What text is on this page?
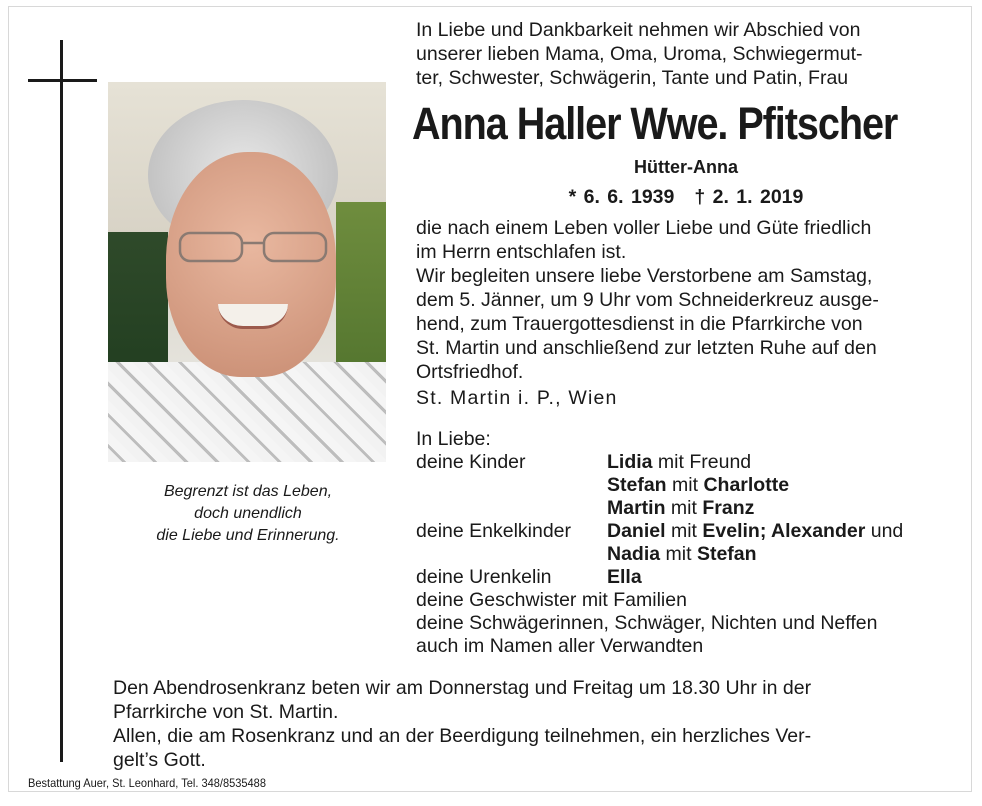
Begrenzt ist das Leben,
doch unendlich
die Liebe und Erinnerung.
In Liebe und Dankbarkeit nehmen wir Abschied von
unserer lieben Mama, Oma, Uroma, Schwiegermut-
ter, Schwester, Schwägerin, Tante und Patin, Frau
Anna Haller Wwe. Pfitscher
Hütter-Anna
* 6. 6. 1939 † 2. 1. 2019
die nach einem Leben voller Liebe und Güte friedlich
im Herrn entschlafen ist.
Wir begleiten unsere liebe Verstorbene am Samstag,
dem 5. Jänner, um 9 Uhr vom Schneiderkreuz ausge-
hend, zum Trauergottesdienst in die Pfarrkirche von
St. Martin und anschließend zur letzten Ruhe auf den
Ortsfriedhof.
St. Martin i. P., Wien
In Liebe:
deine Kinder	Lidia mit Freund
Stefan mit Charlotte
Martin mit Franz
deine Enkelkinder	Daniel mit Evelin; Alexander und
Nadia mit Stefan
deine Urenkelin	Ella
deine Geschwister mit Familien
deine Schwägerinnen, Schwäger, Nichten und Neffen
auch im Namen aller Verwandten
Den Abendrosenkranz beten wir am Donnerstag und Freitag um 18.30 Uhr in der
Pfarrkirche von St. Martin.
Allen, die am Rosenkranz und an der Beerdigung teilnehmen, ein herzliches Ver-
gelt’s Gott.
Bestattung Auer, St. Leonhard, Tel. 348/8535488
